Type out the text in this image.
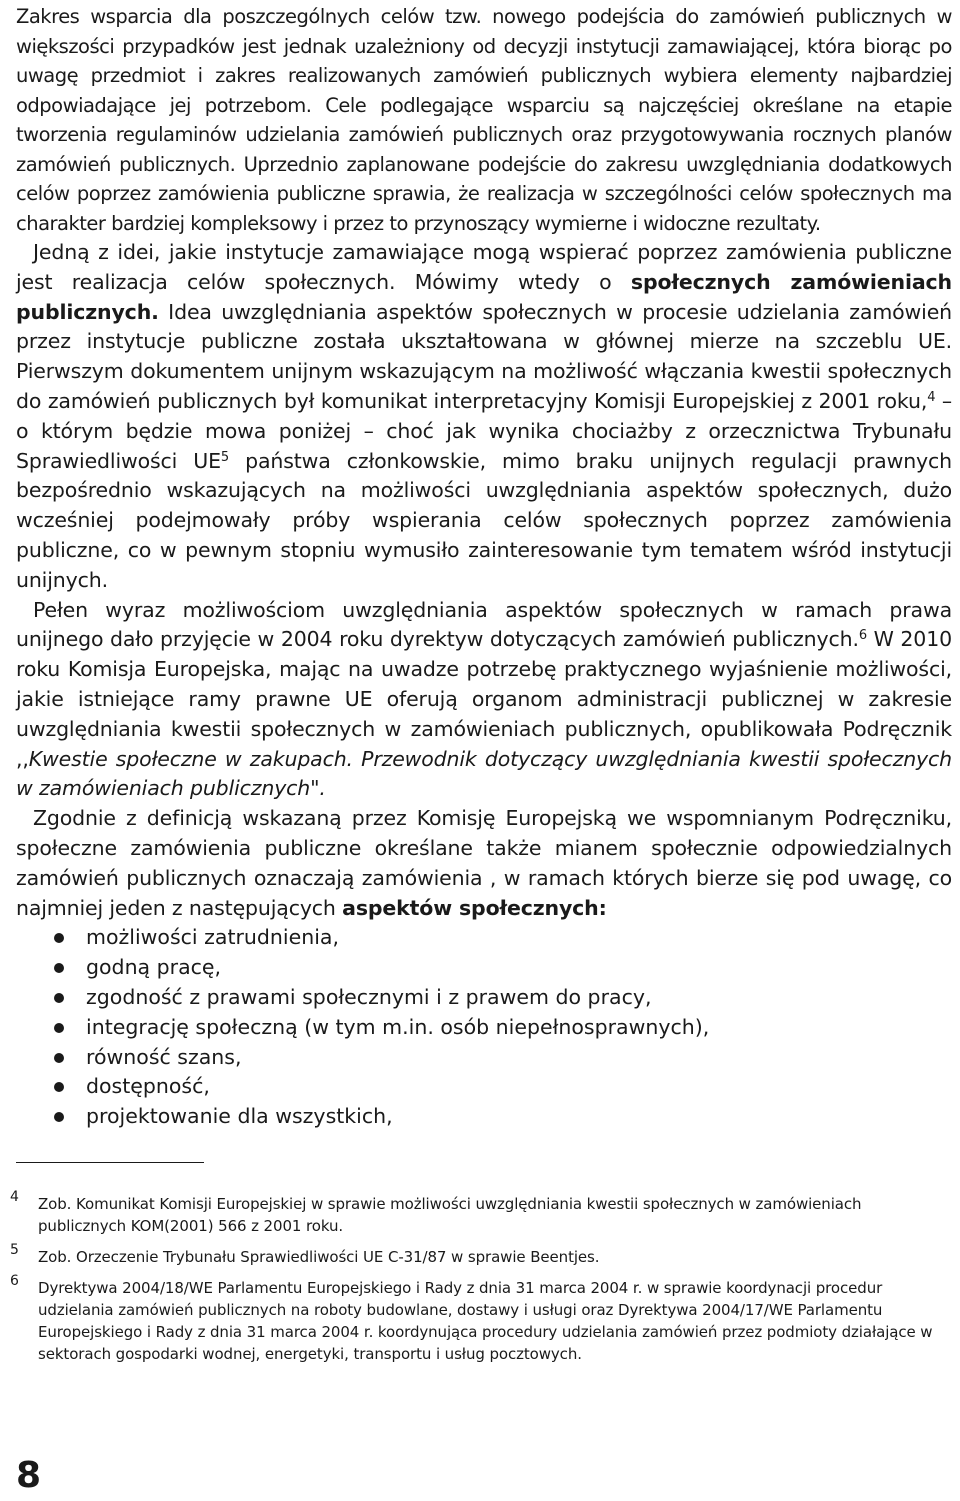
Zakres wsparcia dla poszczególnych celów tzw. nowego podejścia do zamówień publicznych w większości przypadków jest jednak uzależniony od decyzji instytucji zamawiającej, która biorąc po uwagę przedmiot i zakres realizowanych zamówień publicznych wybiera elementy najbardziej odpowiadające jej potrzebom. Cele podlegające wsparciu są najczęściej określane na etapie tworzenia regulaminów udzielania zamówień publicznych oraz przygotowywania rocznych planów zamówień publicznych. Uprzednio zaplanowane podejście do zakresu uwzględniania dodatkowych celów poprzez zamówienia publiczne sprawia, że realizacja w szczególności celów społecznych ma charakter bardziej kompleksowy i przez to przynoszący wymierne i widoczne rezultaty.

Jedną z idei, jakie instytucje zamawiające mogą wspierać poprzez zamówienia publiczne jest realizacja celów społecznych. Mówimy wtedy o społecznych zamówieniach publicznych. Idea uwzględniania aspektów społecznych w procesie udzielania zamówień przez instytucje publiczne została ukształtowana w głównej mierze na szczeblu UE. Pierwszym dokumentem unijnym wskazującym na możliwość włączania kwestii społecznych do zamówień publicznych był komunikat interpretacyjny Komisji Europejskiej z 2001 roku,$^4$ – o którym będzie mowa poniżej – choć jak wynika chociażby z orzecznictwa Trybunału Sprawiedliwości $UE^5$ państwa członkowskie, mimo braku unijnych regulacji prawnych bezpośrednio wskazujących na możliwości uwzględniania aspektów społecznych, dużo wcześniej podejmowały próby wspierania celów społecznych poprzez zamówienia publiczne, co w pewnym stopniu wymusiło zainteresowanie tym tematem wśród instytucji unijnych.

Pełen wyraz możliwościom uwzględniania aspektów społecznych w ramach prawa unijnego dało przyjęcie w 2004 roku dyrektyw dotyczących zamówień publicznych.$^6$ W 2010 roku Komisja Europejska, mając na uwadze potrzebę praktycznego wyjaśnienie możliwości, jakie istniejące ramy prawne UE oferują organom administracji publicznej w zakresie uwzględniania kwestii społecznych w zamówieniach publicznych, opublikowała Podręcznik ,,Kwestie społeczne w zakupach. Przewodnik dotyczący uwzględniania kwestii społecznych w zamówieniach publicznych".

Zgodnie z definicją wskazaną przez Komisję Europejską we wspomnianym Podręczniku, społeczne zamówienia publiczne określane także mianem społecznie odpowiedzialnych zamówień publicznych oznaczają zamówienia , w ramach których bierze się pod uwagę, co najmniej jeden z następujących aspektów społecznych:

możliwości zatrudnienia,
godną pracę,
zgodność z prawami społecznymi i z prawem do pracy,
integrację społeczną (w tym m.in. osób niepełnosprawnych),
równość szans,
dostępność,
projektowanie dla wszystkich,

4 Zob. Komunikat Komisji Europejskiej w sprawie możliwości uwzględniania kwestii społecznych w zamówieniach publicznych KOM(2001) 566 z 2001 roku.

5 Zob. Orzeczenie Trybunału Sprawiedliwości UE C-31/87 w sprawie Beentjes.

6 Dyrektywa 2004/18/WE Parlamentu Europejskiego i Rady z dnia 31 marca 2004 r. w sprawie koordynacji procedur udzielania zamówień publicznych na roboty budowlane, dostawy i usługi oraz Dyrektywa 2004/17/WE Parlamentu Europejskiego i Rady z dnia 31 marca 2004 r. koordynująca procedury udzielania zamówień przez podmioty działające w sektorach gospodarki wodnej, energetyki, transportu i usług pocztowych.

8
